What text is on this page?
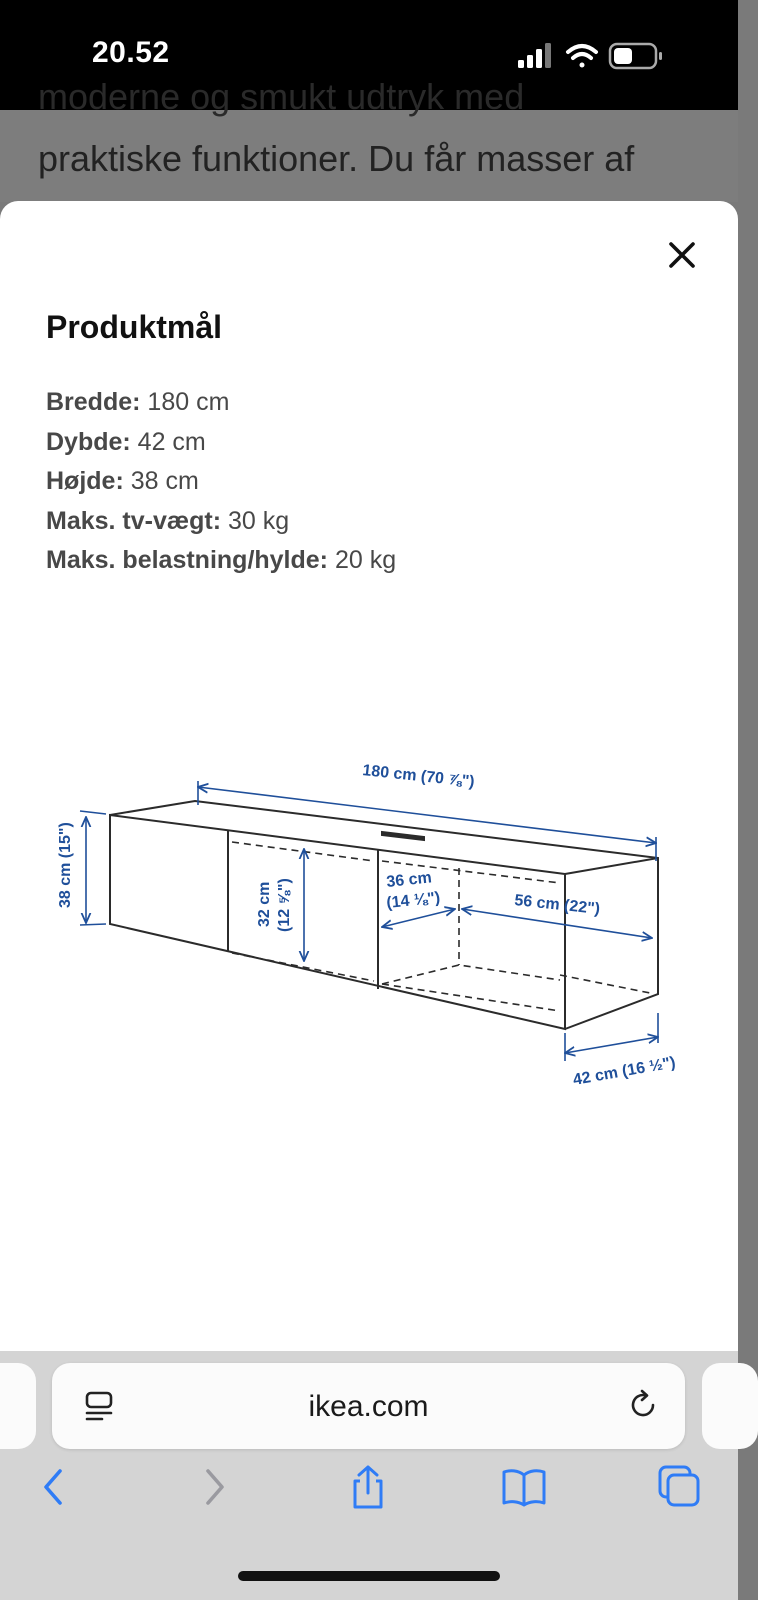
20.52
moderne og smukt udtryk med
praktiske funktioner. Du får masser af
Produktmål
Bredde: 180 cm
Dybde: 42 cm
Højde: 38 cm
Maks. tv-vægt: 30 kg
Maks. belastning/hylde: 20 kg
180 cm (70 ⅞")
38 cm (15")	32 cm (12 ⅝")	36 cm
(14 ⅛")	56 cm (22")
42 cm (16 ½")
ikea.com
